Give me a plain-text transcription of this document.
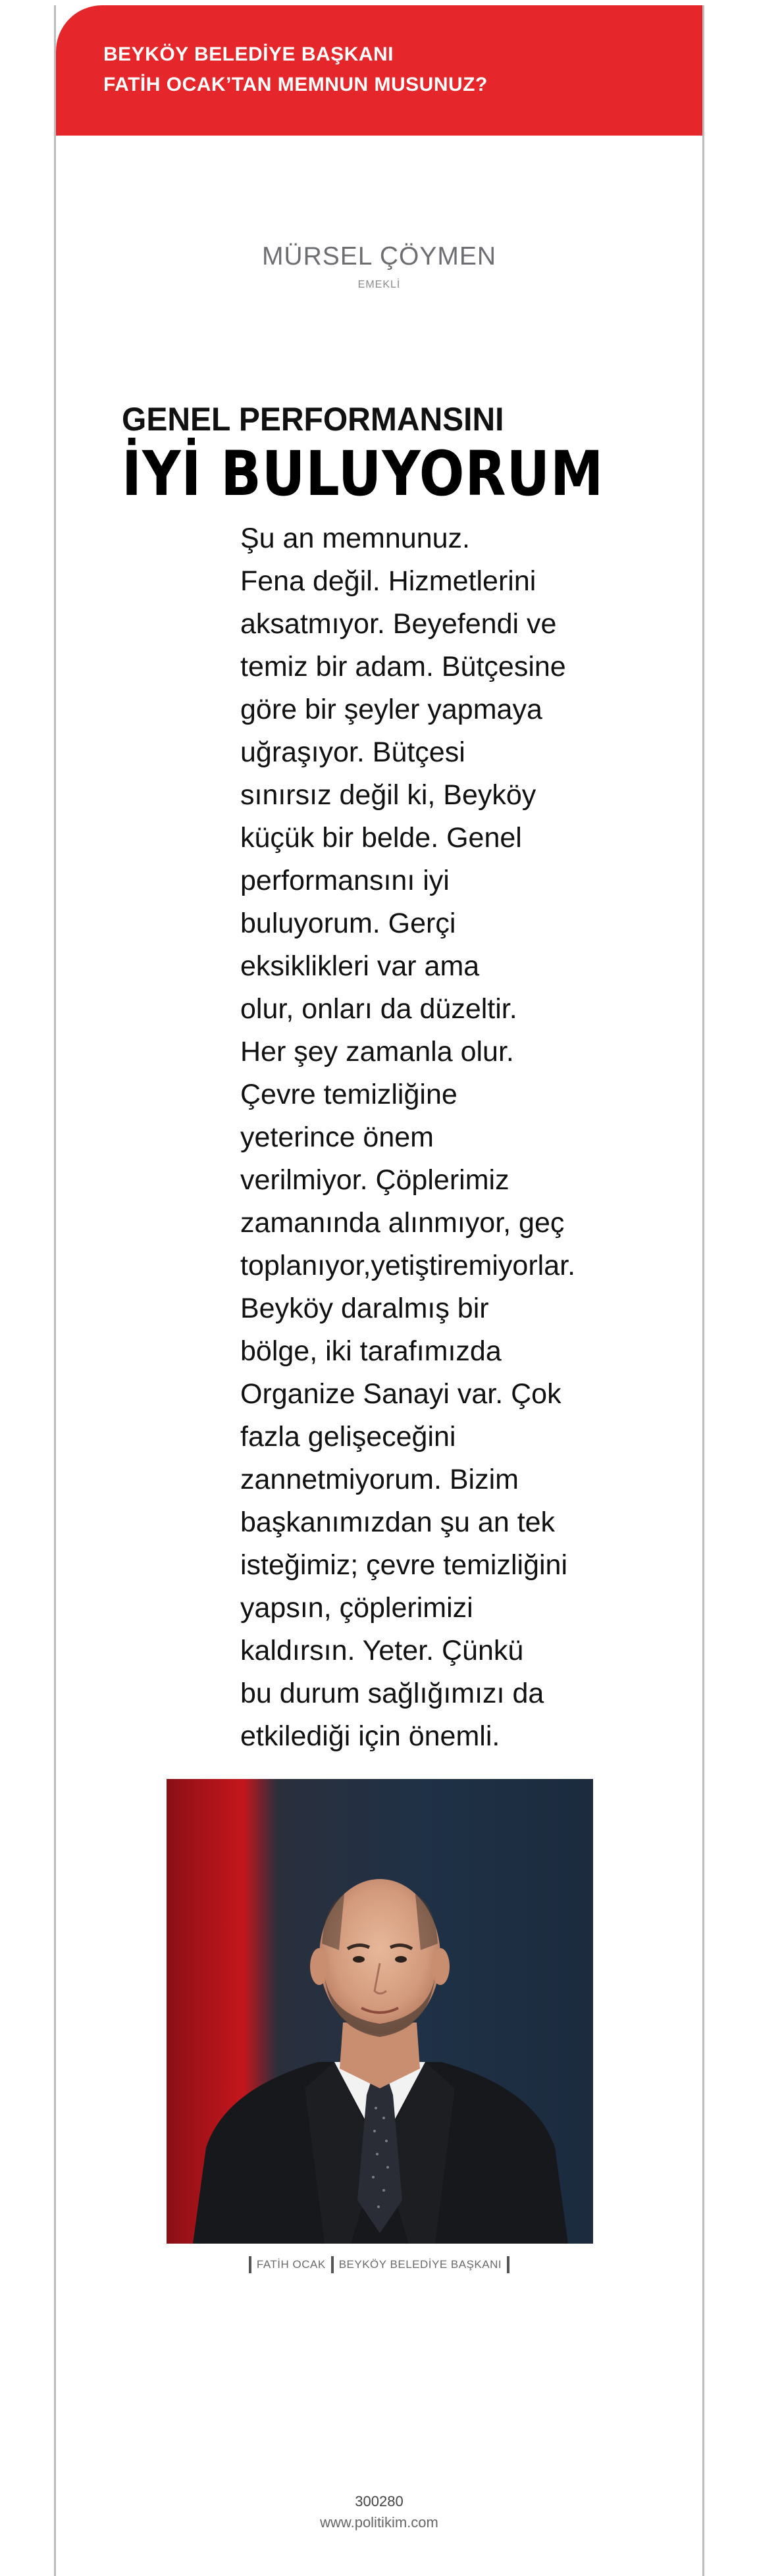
BEYKÖY BELEDİYE BAŞKANI
FATİH OCAK’TAN MEMNUN MUSUNUZ?
MÜRSEL ÇÖYMEN
EMEKLİ
GENEL PERFORMANSINI
İYİ BULUYORUM
Şu an memnunuz.
Fena değil. Hizmetlerini
aksatmıyor. Beyefendi ve
temiz bir adam. Bütçesine
göre bir şeyler yapmaya
uğraşıyor. Bütçesi
sınırsız değil ki, Beyköy
küçük bir belde. Genel
performansını iyi
buluyorum. Gerçi
eksiklikleri var ama
olur, onları da düzeltir.
Her şey zamanla olur.
Çevre temizliğine
yeterince önem
verilmiyor. Çöplerimiz
zamanında alınmıyor, geç
toplanıyor,yetiştiremiyorlar.
Beyköy daralmış bir
bölge, iki tarafımızda
Organize Sanayi var. Çok
fazla gelişeceğini
zannetmiyorum. Bizim
başkanımızdan şu an tek
isteğimiz; çevre temizliğini
yapsın, çöplerimizi
kaldırsın. Yeter. Çünkü
bu durum sağlığımızı da
etkilediği için önemli.
FATİH OCAK BEYKÖY BELEDİYE BAŞKANI
300280
www.politikim.com
